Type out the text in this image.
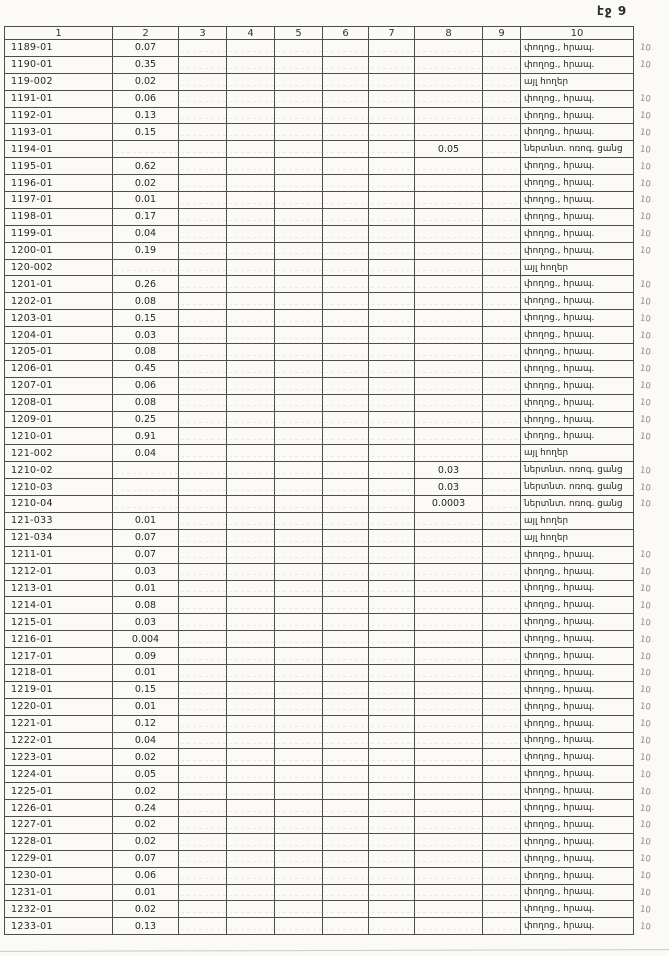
էջ 9
1	2	3	4	5	6	7	8	9	10	
1189-01	0.07								փողոց., հրապ.	10
1190-01	0.35								փողոց., հրապ.	10
119-002	0.02								այլ հողեր	
1191-01	0.06								փողոց., հրապ.	10
1192-01	0.13								փողոց., հրապ.	10
1193-01	0.15								փողոց., հրապ.	10
1194-01							0.05		ներտնտ. ոռոգ. ցանց	10
1195-01	0.62								փողոց., հրապ.	10
1196-01	0.02								փողոց., հրապ.	10
1197-01	0.01								փողոց., հրապ.	10
1198-01	0.17								փողոց., հրապ.	10
1199-01	0.04								փողոց., հրապ.	10
1200-01	0.19								փողոց., հրապ.	10
120-002									այլ հողեր	
1201-01	0.26								փողոց., հրապ.	10
1202-01	0.08								փողոց., հրապ.	10
1203-01	0.15								փողոց., հրապ.	10
1204-01	0.03								փողոց., հրապ.	10
1205-01	0.08								փողոց., հրապ.	10
1206-01	0.45								փողոց., հրապ.	10
1207-01	0.06								փողոց., հրապ.	10
1208-01	0.08								փողոց., հրապ.	10
1209-01	0.25								փողոց., հրապ.	10
1210-01	0.91								փողոց., հրապ.	10
121-002	0.04								այլ հողեր	
1210-02							0.03		ներտնտ. ոռոգ. ցանց	10
1210-03							0.03		ներտնտ. ոռոգ. ցանց	10
1210-04							0.0003		ներտնտ. ոռոգ. ցանց	10
121-033	0.01								այլ հողեր	
121-034	0.07								այլ հողեր	
1211-01	0.07								փողոց., հրապ.	10
1212-01	0.03								փողոց., հրապ.	10
1213-01	0.01								փողոց., հրապ.	10
1214-01	0.08								փողոց., հրապ.	10
1215-01	0.03								փողոց., հրապ.	10
1216-01	0.004								փողոց., հրապ.	10
1217-01	0.09								փողոց., հրապ.	10
1218-01	0.01								փողոց., հրապ.	10
1219-01	0.15								փողոց., հրապ.	10
1220-01	0.01								փողոց., հրապ.	10
1221-01	0.12								փողոց., հրապ.	10
1222-01	0.04								փողոց., հրապ.	10
1223-01	0.02								փողոց., հրապ.	10
1224-01	0.05								փողոց., հրապ.	10
1225-01	0.02								փողոց., հրապ.	10
1226-01	0.24								փողոց., հրապ.	10
1227-01	0.02								փողոց., հրապ.	10
1228-01	0.02								փողոց., հրապ.	10
1229-01	0.07								փողոց., հրապ.	10
1230-01	0.06								փողոց., հրապ.	10
1231-01	0.01								փողոց., հրապ.	10
1232-01	0.02								փողոց., հրապ.	10
1233-01	0.13								փողոց., հրապ.	10
